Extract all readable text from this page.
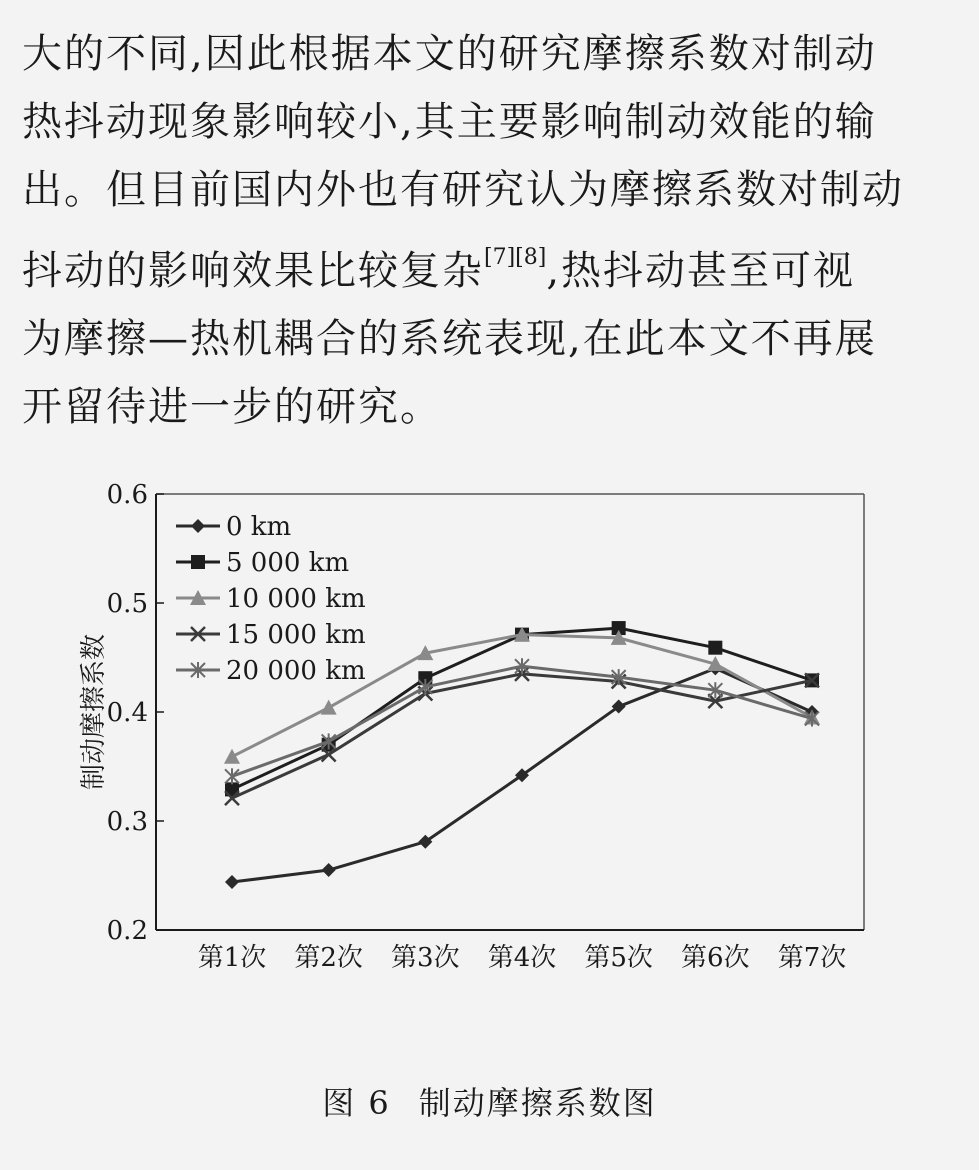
大的不同,因此根据本文的研究摩擦系数对制动
热抖动现象影响较小,其主要影响制动效能的输
出。但目前国内外也有研究认为摩擦系数对制动
抖动的影响效果比较复杂[7][8],热抖动甚至可视
为摩擦—热机耦合的系统表现,在此本文不再展
开留待进一步的研究。
0.2
0.3
0.4
0.5
0.6
第1次 第2次 第3次 第4次 第5次 第6次 第7次
制动摩擦系数
0 km
5 000 km
10 000 km
15 000 km
20 000 km
图 6 制动摩擦系数图
